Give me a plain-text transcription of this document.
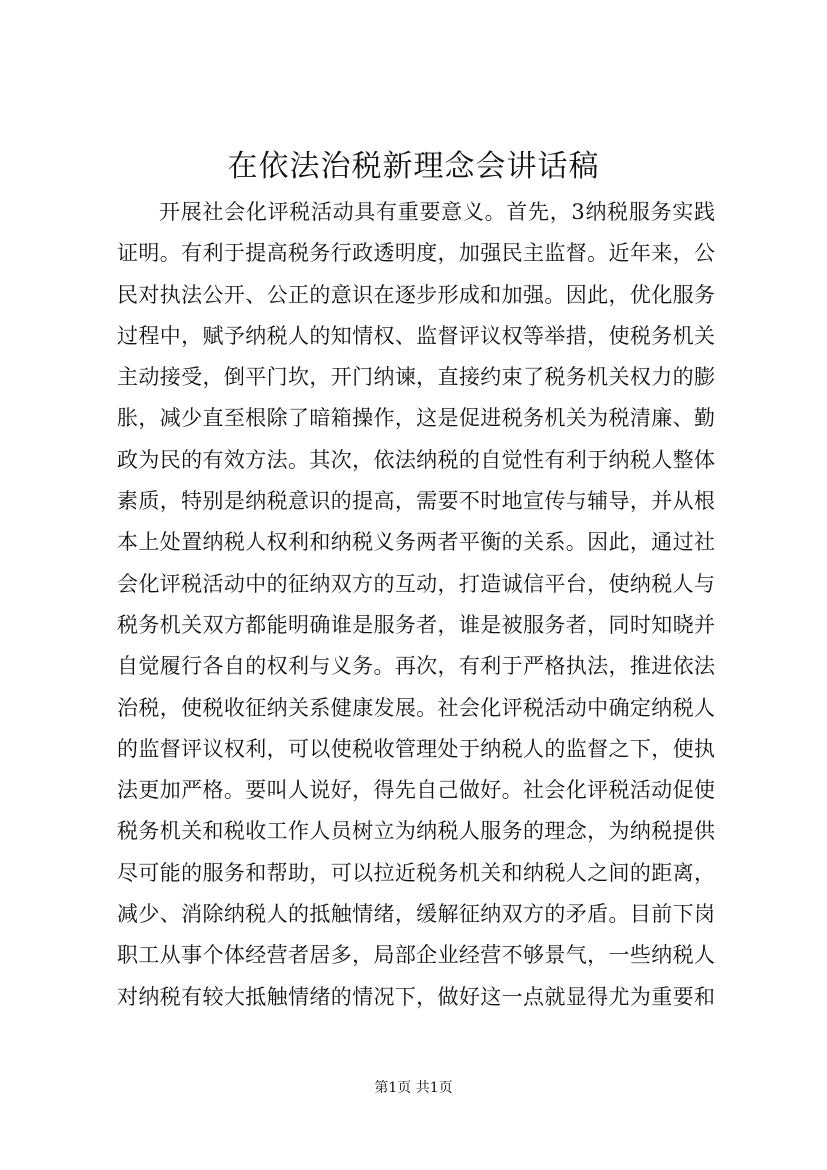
在依法治税新理念会讲话稿
开展社会化评税活动具有重要意义。首先，3纳税服务实践
证明。有利于提高税务行政透明度，加强民主监督。近年来，公
民对执法公开、公正的意识在逐步形成和加强。因此，优化服务
过程中，赋予纳税人的知情权、监督评议权等举措，使税务机关
主动接受，倒平门坎，开门纳谏，直接约束了税务机关权力的膨
胀，减少直至根除了暗箱操作，这是促进税务机关为税清廉、勤
政为民的有效方法。其次，依法纳税的自觉性有利于纳税人整体
素质，特别是纳税意识的提高，需要不时地宣传与辅导，并从根
本上处置纳税人权利和纳税义务两者平衡的关系。因此，通过社
会化评税活动中的征纳双方的互动，打造诚信平台，使纳税人与
税务机关双方都能明确谁是服务者，谁是被服务者，同时知晓并
自觉履行各自的权利与义务。再次，有利于严格执法，推进依法
治税，使税收征纳关系健康发展。社会化评税活动中确定纳税人
的监督评议权利，可以使税收管理处于纳税人的监督之下，使执
法更加严格。要叫人说好，得先自己做好。社会化评税活动促使
税务机关和税收工作人员树立为纳税人服务的理念，为纳税提供
尽可能的服务和帮助，可以拉近税务机关和纳税人之间的距离，
减少、消除纳税人的抵触情绪，缓解征纳双方的矛盾。目前下岗
职工从事个体经营者居多，局部企业经营不够景气，一些纳税人
对纳税有较大抵触情绪的情况下，做好这一点就显得尤为重要和
第1页 共1页
